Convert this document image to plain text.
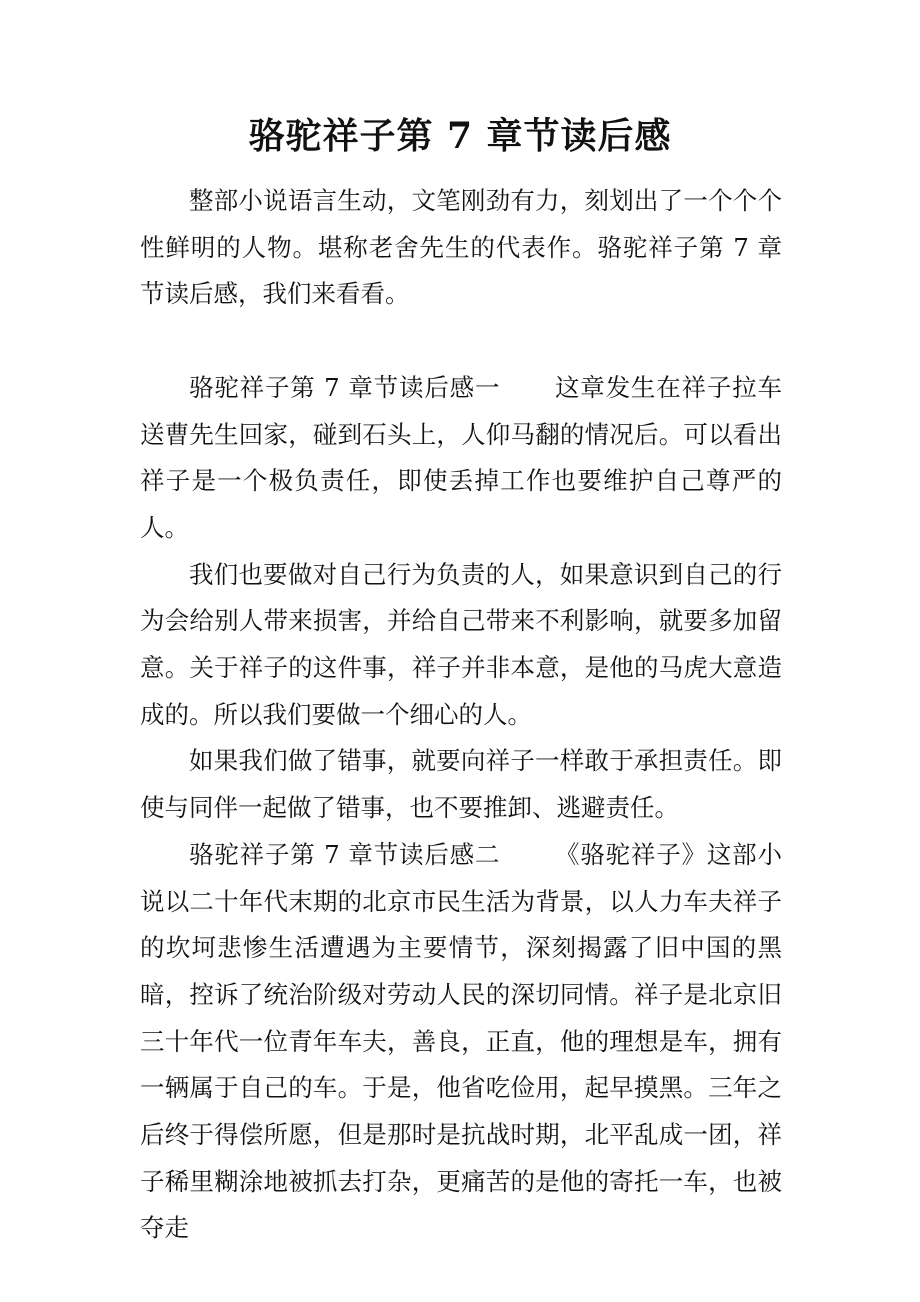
骆驼祥子第 7 章节读后感

整部小说语言生动，文笔刚劲有力，刻划出了一个个个性鲜明的人物。堪称老舍先生的代表作。骆驼祥子第 7 章节读后感，我们来看看。

骆驼祥子第 7 章节读后感一 这章发生在祥子拉车送曹先生回家，碰到石头上，人仰马翻的情况后。可以看出祥子是一个极负责任，即使丢掉工作也要维护自己尊严的人。

我们也要做对自己行为负责的人，如果意识到自己的行为会给别人带来损害，并给自己带来不利影响，就要多加留意。关于祥子的这件事，祥子并非本意，是他的马虎大意造成的。所以我们要做一个细心的人。

如果我们做了错事，就要向祥子一样敢于承担责任。即使与同伴一起做了错事，也不要推卸、逃避责任。

骆驼祥子第 7 章节读后感二 《骆驼祥子》这部小说以二十年代末期的北京市民生活为背景，以人力车夫祥子的坎坷悲惨生活遭遇为主要情节，深刻揭露了旧中国的黑暗，控诉了统治阶级对劳动人民的深切同情。祥子是北京旧三十年代一位青年车夫，善良，正直，他的理想是车，拥有一辆属于自己的车。于是，他省吃俭用，起早摸黑。三年之后终于得偿所愿，但是那时是抗战时期，北平乱成一团，祥子稀里糊涂地被抓去打杂，更痛苦的是他的寄托一车，也被夺走
